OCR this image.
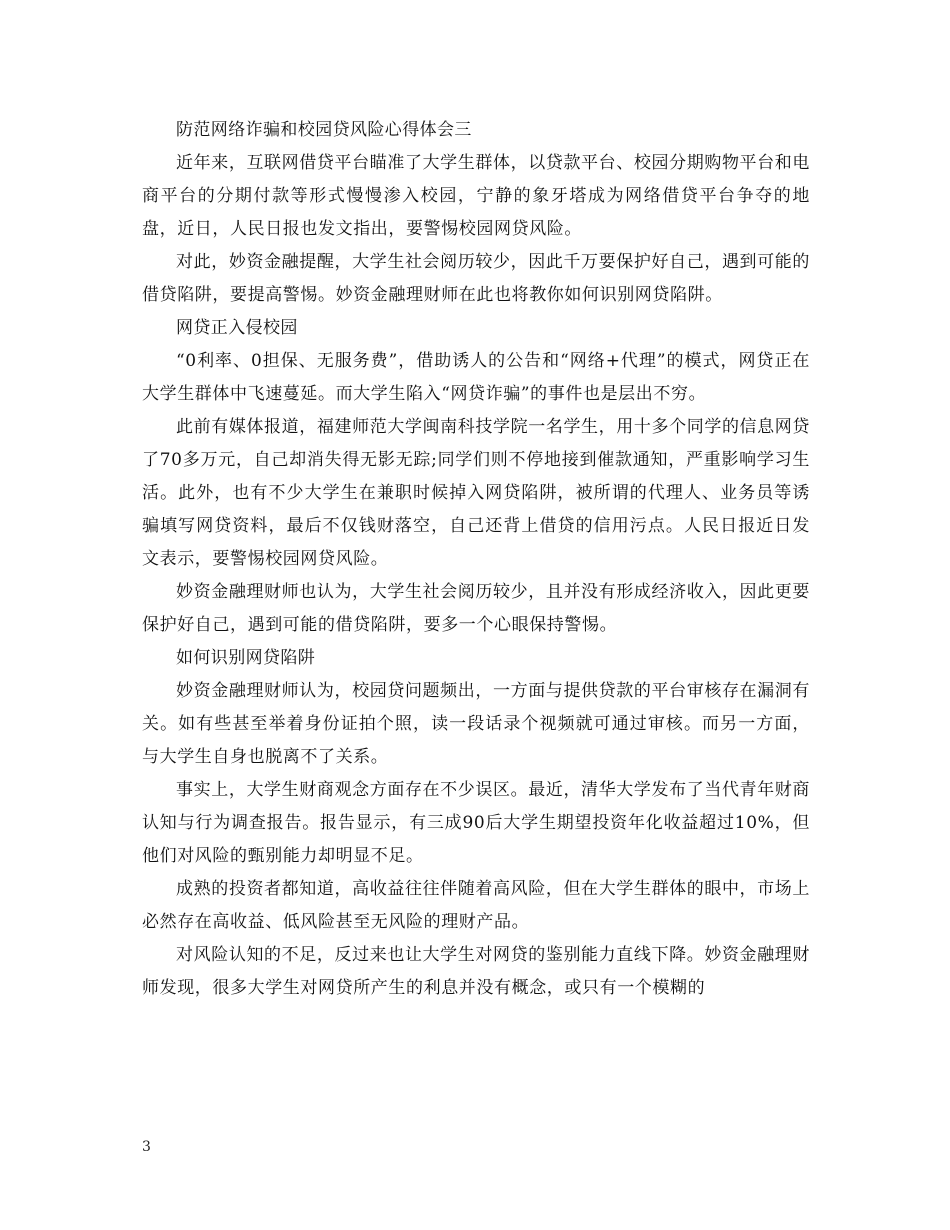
防范网络诈骗和校园贷风险心得体会三

近年来，互联网借贷平台瞄准了大学生群体，以贷款平台、校园分期购物平台和电商平台的分期付款等形式慢慢渗入校园，宁静的象牙塔成为网络借贷平台争夺的地盘，近日，人民日报也发文指出，要警惕校园网贷风险。

对此，妙资金融提醒，大学生社会阅历较少，因此千万要保护好自己，遇到可能的借贷陷阱，要提高警惕。妙资金融理财师在此也将教你如何识别网贷陷阱。

网贷正入侵校园

“0利率、0担保、无服务费”，借助诱人的公告和“网络+代理”的模式，网贷正在大学生群体中飞速蔓延。而大学生陷入“网贷诈骗”的事件也是层出不穷。

此前有媒体报道，福建师范大学闽南科技学院一名学生，用十多个同学的信息网贷了70多万元，自己却消失得无影无踪;同学们则不停地接到催款通知，严重影响学习生活。此外，也有不少大学生在兼职时候掉入网贷陷阱，被所谓的代理人、业务员等诱骗填写网贷资料，最后不仅钱财落空，自己还背上借贷的信用污点。人民日报近日发文表示，要警惕校园网贷风险。

妙资金融理财师也认为，大学生社会阅历较少，且并没有形成经济收入，因此更要保护好自己，遇到可能的借贷陷阱，要多一个心眼保持警惕。

如何识别网贷陷阱

妙资金融理财师认为，校园贷问题频出，一方面与提供贷款的平台审核存在漏洞有关。如有些甚至举着身份证拍个照，读一段话录个视频就可通过审核。而另一方面，与大学生自身也脱离不了关系。

事实上，大学生财商观念方面存在不少误区。最近，清华大学发布了当代青年财商认知与行为调查报告。报告显示，有三成90后大学生期望投资年化收益超过10%，但他们对风险的甄别能力却明显不足。

成熟的投资者都知道，高收益往往伴随着高风险，但在大学生群体的眼中，市场上必然存在高收益、低风险甚至无风险的理财产品。

对风险认知的不足，反过来也让大学生对网贷的鉴别能力直线下降。妙资金融理财师发现，很多大学生对网贷所产生的利息并没有概念，或只有一个模糊的

3
